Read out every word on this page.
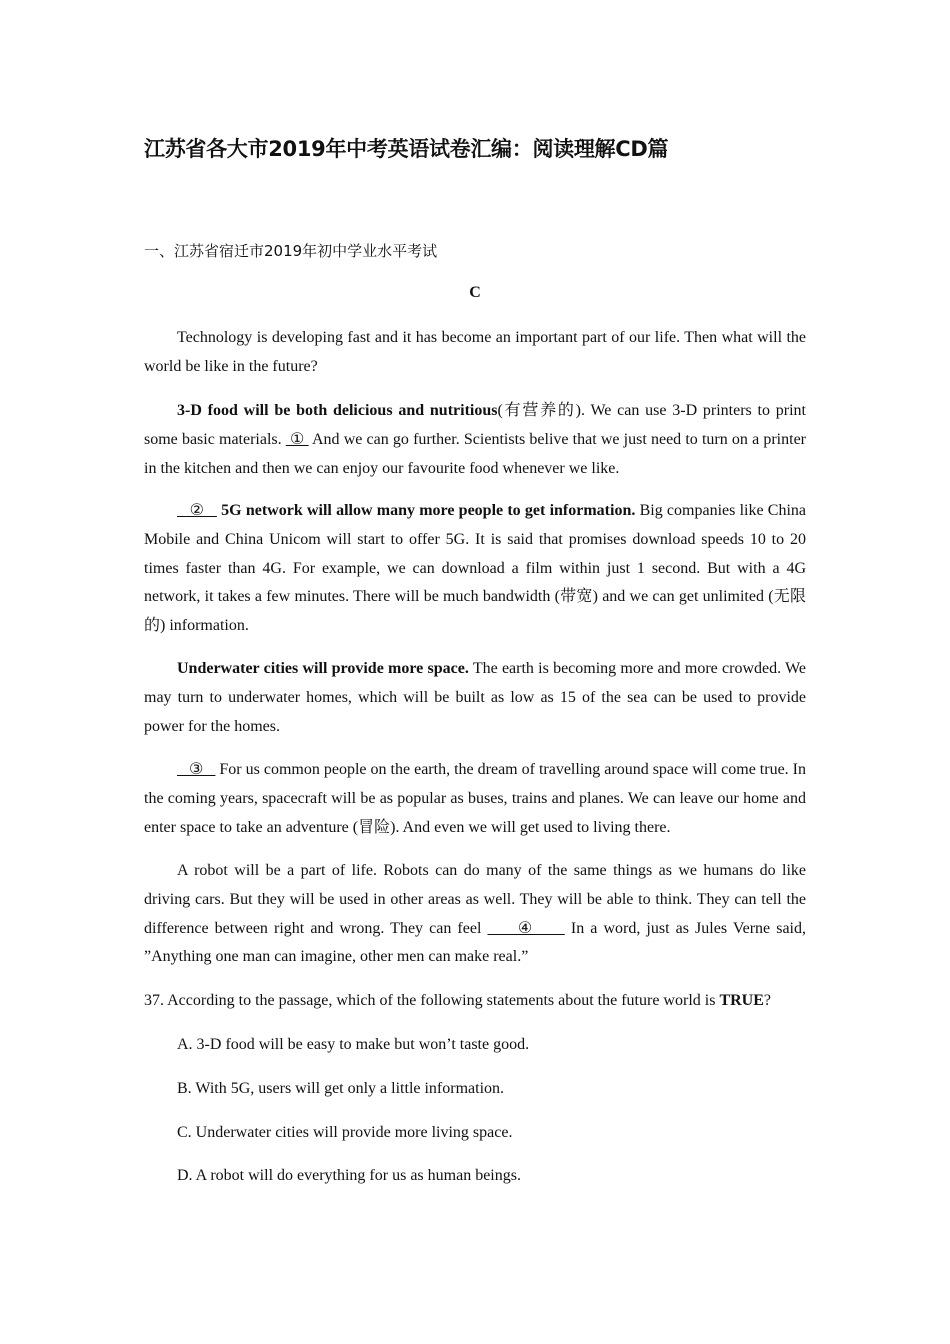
江苏省各大市2019年中考英语试卷汇编：阅读理解CD篇
一、江苏省宿迁市2019年初中学业水平考试
C

Technology is developing fast and it has become an important part of our life. Then what will the world be like in the future?

3-D food will be both delicious and nutritious(有营养的). We can use 3-D printers to print some basic materials.  ①  And we can go further. Scientists belive that we just need to turn on a printer in the kitchen and then we can enjoy our favourite food whenever we like.

②    5G network will allow many more people to get information. Big companies like China Mobile and China Unicom will start to offer 5G. It is said that promises download speeds 10 to 20 times faster than 4G. For example, we can download a film within just 1 second. But with a 4G network, it takes a few minutes. There will be much bandwidth (带宽) and we can get unlimited (无限的) information.

Underwater cities will provide more space. The earth is becoming more and more crowded. We may turn to underwater homes, which will be built as low as 15 of the sea can be used to provide power for the homes.

③    For us common people on the earth, the dream of travelling around space will come true. In the coming years, spacecraft will be as popular as buses, trains and planes. We can leave our home and enter space to take an adventure (冒险). And even we will get used to living there.

A robot will be a part of life. Robots can do many of the same things as we humans do like driving cars. But they will be used in other areas as well. They will be able to think. They can tell the difference between right and wrong. They can feel      ④      In a word, just as Jules Verne said, ”Anything one man can imagine, other men can make real.”

37. According to the passage, which of the following statements about the future world is TRUE?

A. 3-D food will be easy to make but won’t taste good.

B. With 5G, users will get only a little information.

C. Underwater cities will provide more living space.

D. A robot will do everything for us as human beings.
